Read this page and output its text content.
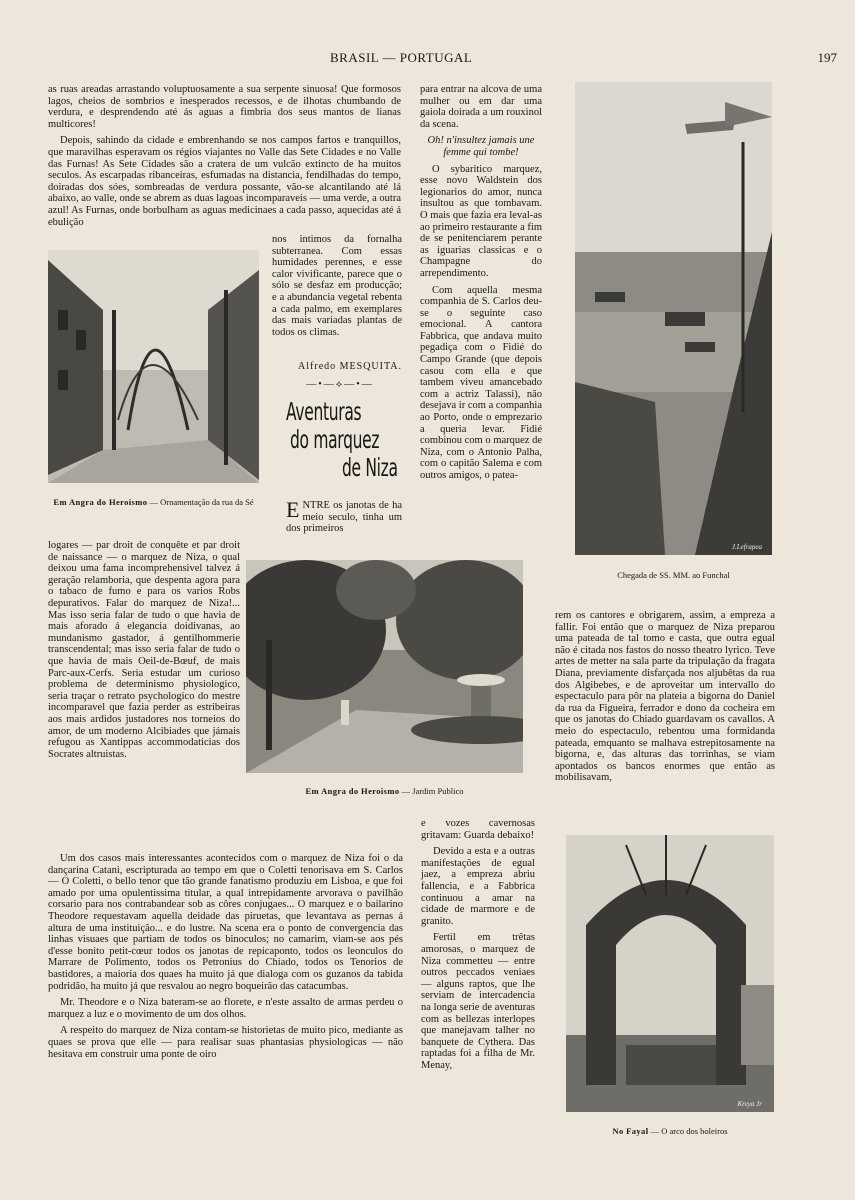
BRASIL — PORTUGAL	197

as ruas areadas arrastando voluptuosamente a sua serpente sinuosa! Que formosos lagos, cheios de sombrios e inesperados recessos, e de ilhotas chumbando de verdura, e desprendendo até ás aguas a fimbria dos seus mantos de lianas multicores!

Depois, sahindo da cidade e embrenhando se nos campos fartos e tranquillos, que maravilhas esperavam os régios viajantes no Valle das Sete Cidades e no Valle das Furnas! As Sete Cidades são a cratera de um vulcão extincto de ha muitos seculos. As escarpadas ribanceiras, esfumadas na distancia, fendilhadas do tempo, doiradas dos sóes, sombreadas de verdura possante, vão-se alcantilando até lá abaixo, ao valle, onde se abrem as duas lagoas incomparaveis — uma verde, a outra azul! As Furnas, onde borbulham as aguas medicinaes a cada passo, aquecidas até á ebulição

nos intimos da fornalha subterranea. Com essas humidades perennes, e esse calor vivificante, parece que o sólo se desfaz em producção; e a abundancia vegetal rebenta a cada palmo, em exemplares das mais variadas plantas de todos os climas.

Alfredo MESQUITA.
—•—⟡—•—
Em Angra do Heroismo — Ornamentação da rua da Sé
Aventuras
do marquez
de Niza
ENTRE os janotas de ha meio seculo, tinha um dos primeiros

logares — par droit de conquête et par droit de naissance — o marquez de Niza, o qual deixou uma fama incomprehensivel talvez á geração relamboria, que despenta agora para o tabaco de fumo e para os varios Robs depurativos. Falar do marquez de Niza!... Mas isso seria falar de tudo o que havia de mais aforado á elegancia doidivanas, ao mundanismo gastador, á gentilhommerie transcendental; mas isso seria falar de tudo o que havia de mais Oeil-de-Bœuf, de mais Parc-aux-Cerfs. Seria estudar um curioso problema de determinismo physiologico, seria traçar o retrato psychologico do mestre incomparavel que fazia perder as estribeiras aos mais ardidos justadores nos torneios do amor, de um moderno Alcibiades que jámais refugou as Xantippas accommodaticias dos Socrates altruistas.

para entrar na alcova de uma mulher ou em dar uma gaiola doirada a um rouxinol da scena.

Oh! n'insultez jamais une femme qui tombe!

O sybaritico marquez, esse novo Waldstein dos legionarios do amor, nunca insultou as que tombavam. O mais que fazia era leval-as ao primeiro restaurante a fim de se penitenciarem perante as iguarias classicas e o Champagne do arrependimento.

Com aquella mesma companhia de S. Carlos deu-se o seguinte caso emocional. A cantora Fabbrica, que andava muito pegadiça com o Fidié do Campo Grande (que depois casou com ella e que tambem viveu amancebado com a actriz Talassi), não desejava ir com a companhia ao Porto, onde o emprezario a queria levar. Fidié combinou com o marquez de Niza, com o Antonio Palha, com o capitão Salema e com outros amigos, o patea-

J.Lefrapea
Chegada de SS. MM. ao Funchal
Em Angra do Heroismo — Jardim Publico

rem os cantores e obrigarem, assim, a empreza a fallir. Foi então que o marquez de Niza preparou uma pateada de tal tomo e casta, que outra egual não é citada nos fastos do nosso theatro lyrico. Teve artes de metter na sala parte da tripulação da fragata Diana, previamente disfarçada nos aljubêtas da rua dos Algibebes, e de aproveitar um intervallo do espectaculo para pôr na plateia a bigorna do Daniel da rua da Figueira, ferrador e dono da cocheira em que os janotas do Chiado guardavam os cavallos. A meio do espectaculo, rebentou uma formidanda pateada, emquanto se malhava estrepitosamente na bigorna, e, das alturas das torrinhas, se viam apontados os bancos enormes que então as mobilisavam,

Um dos casos mais interessantes acontecidos com o marquez de Niza foi o da dançarina Catani, escripturada ao tempo em que o Coletti tenorisava em S. Carlos — O Coletti, o bello tenor que tão grande fanatismo produziu em Lisboa, e que foi amado por uma opulentissima titular, a qual intrepidamente arvorava o pavilhão corsario para nos contrabandear sob as côres conjugaes... O marquez e o bailarino Theodore requestavam aquella deidade das piruetas, que levantava as pernas á altura de uma instituição... e do lustre. Na scena era o ponto de convergencia das linhas visuaes que partiam de todos os binoculos; no camarim, viam-se aos pés d'esse bonito petit-cœur todos os janotas de repicaponto, todos os leonculos do Marrare de Polimento, todos os Petronius do Chiado, todos os Tenorios de bastidores, a maioria dos quaes ha muito já que dialoga com os guzanos da tabida podridão, ha muito já que resvalou ao negro boqueirão das catacumbas.

Mr. Theodore e o Niza bateram-se ao florete, e n'este assalto de armas perdeu o marquez a luz e o movimento de um dos olhos.

A respeito do marquez de Niza contam-se historietas de muito pico, mediante as quaes se prova que elle — para realisar suas phantasias physiologicas — não hesitava em construir uma ponte de oiro

e vozes cavernosas gritavam: Guarda debaixo!

Devido a esta e a outras manifestações de egual jaez, a empreza abriu fallencia, e a Fabbrica continuou a amar na cidade de marmore e de granito.

Fertil em trêtas amorosas, o marquez de Niza commetteu — entre outros peccados veniaes — alguns raptos, que lhe serviam de intercadencia na longa serie de aventuras com as bellezas interlopes que manejavam talher no banquete de Cythera. Das raptadas foi a filha de Mr. Menay,

Kreya Jr
No Fayal — O arco dos boleiros
